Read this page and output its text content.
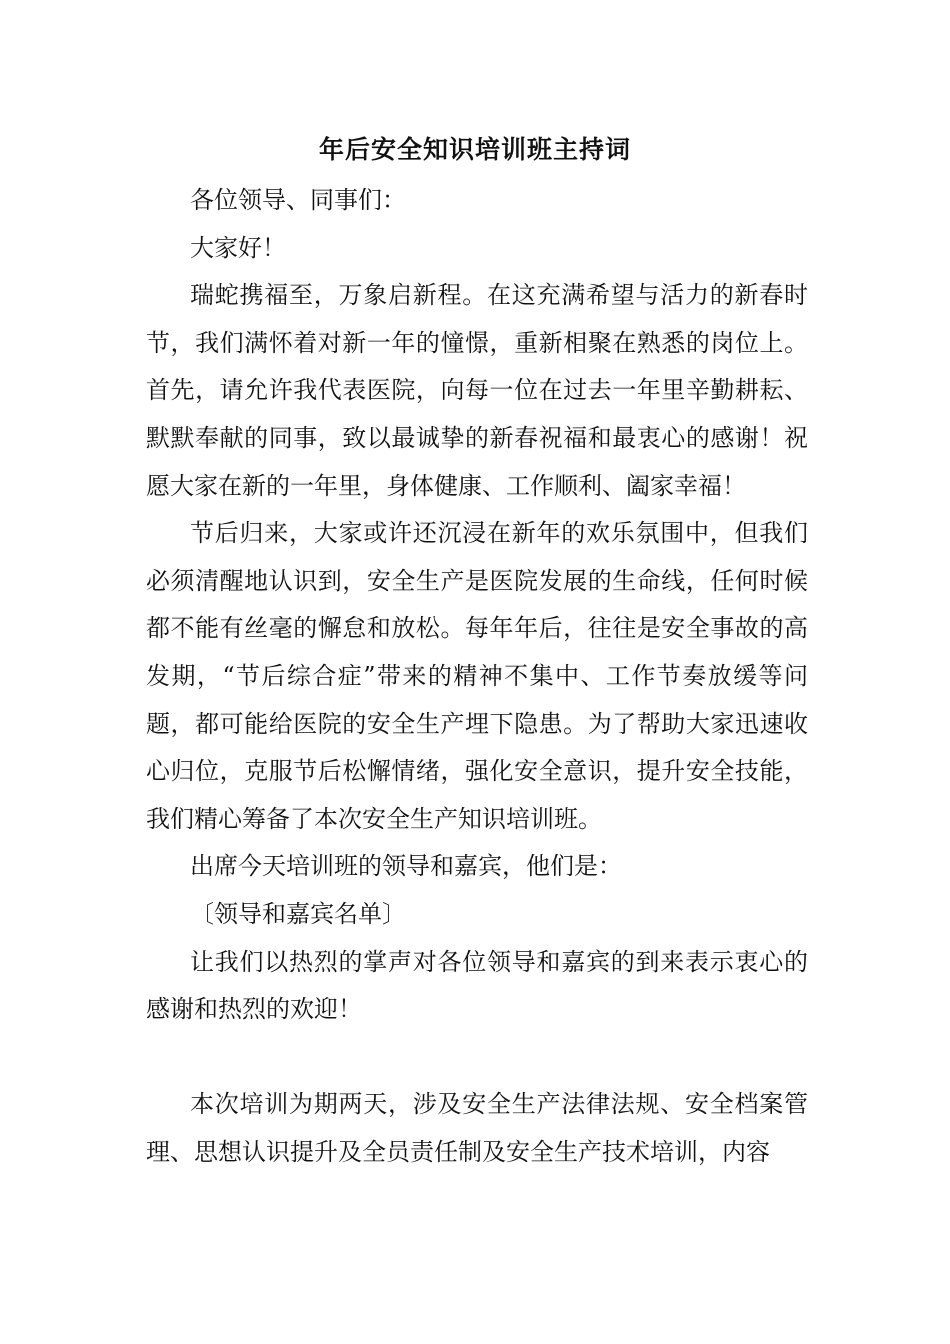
年后安全知识培训班主持词

各位领导、同事们：

大家好！

瑞蛇携福至，万象启新程。在这充满希望与活力的新春时节，我们满怀着对新一年的憧憬，重新相聚在熟悉的岗位上。首先，请允许我代表医院，向每一位在过去一年里辛勤耕耘、默默奉献的同事，致以最诚挚的新春祝福和最衷心的感谢！祝愿大家在新的一年里，身体健康、工作顺利、阖家幸福！

节后归来，大家或许还沉浸在新年的欢乐氛围中，但我们必须清醒地认识到，安全生产是医院发展的生命线，任何时候都不能有丝毫的懈怠和放松。每年年后，往往是安全事故的高发期，“节后综合症”带来的精神不集中、工作节奏放缓等问题，都可能给医院的安全生产埋下隐患。为了帮助大家迅速收心归位，克服节后松懈情绪，强化安全意识，提升安全技能，我们精心筹备了本次安全生产知识培训班。

出席今天培训班的领导和嘉宾，他们是：

〔领导和嘉宾名单〕

让我们以热烈的掌声对各位领导和嘉宾的到来表示衷心的感谢和热烈的欢迎！

本次培训为期两天，涉及安全生产法律法规、安全档案管理、思想认识提升及全员责任制及安全生产技术培训，内容
